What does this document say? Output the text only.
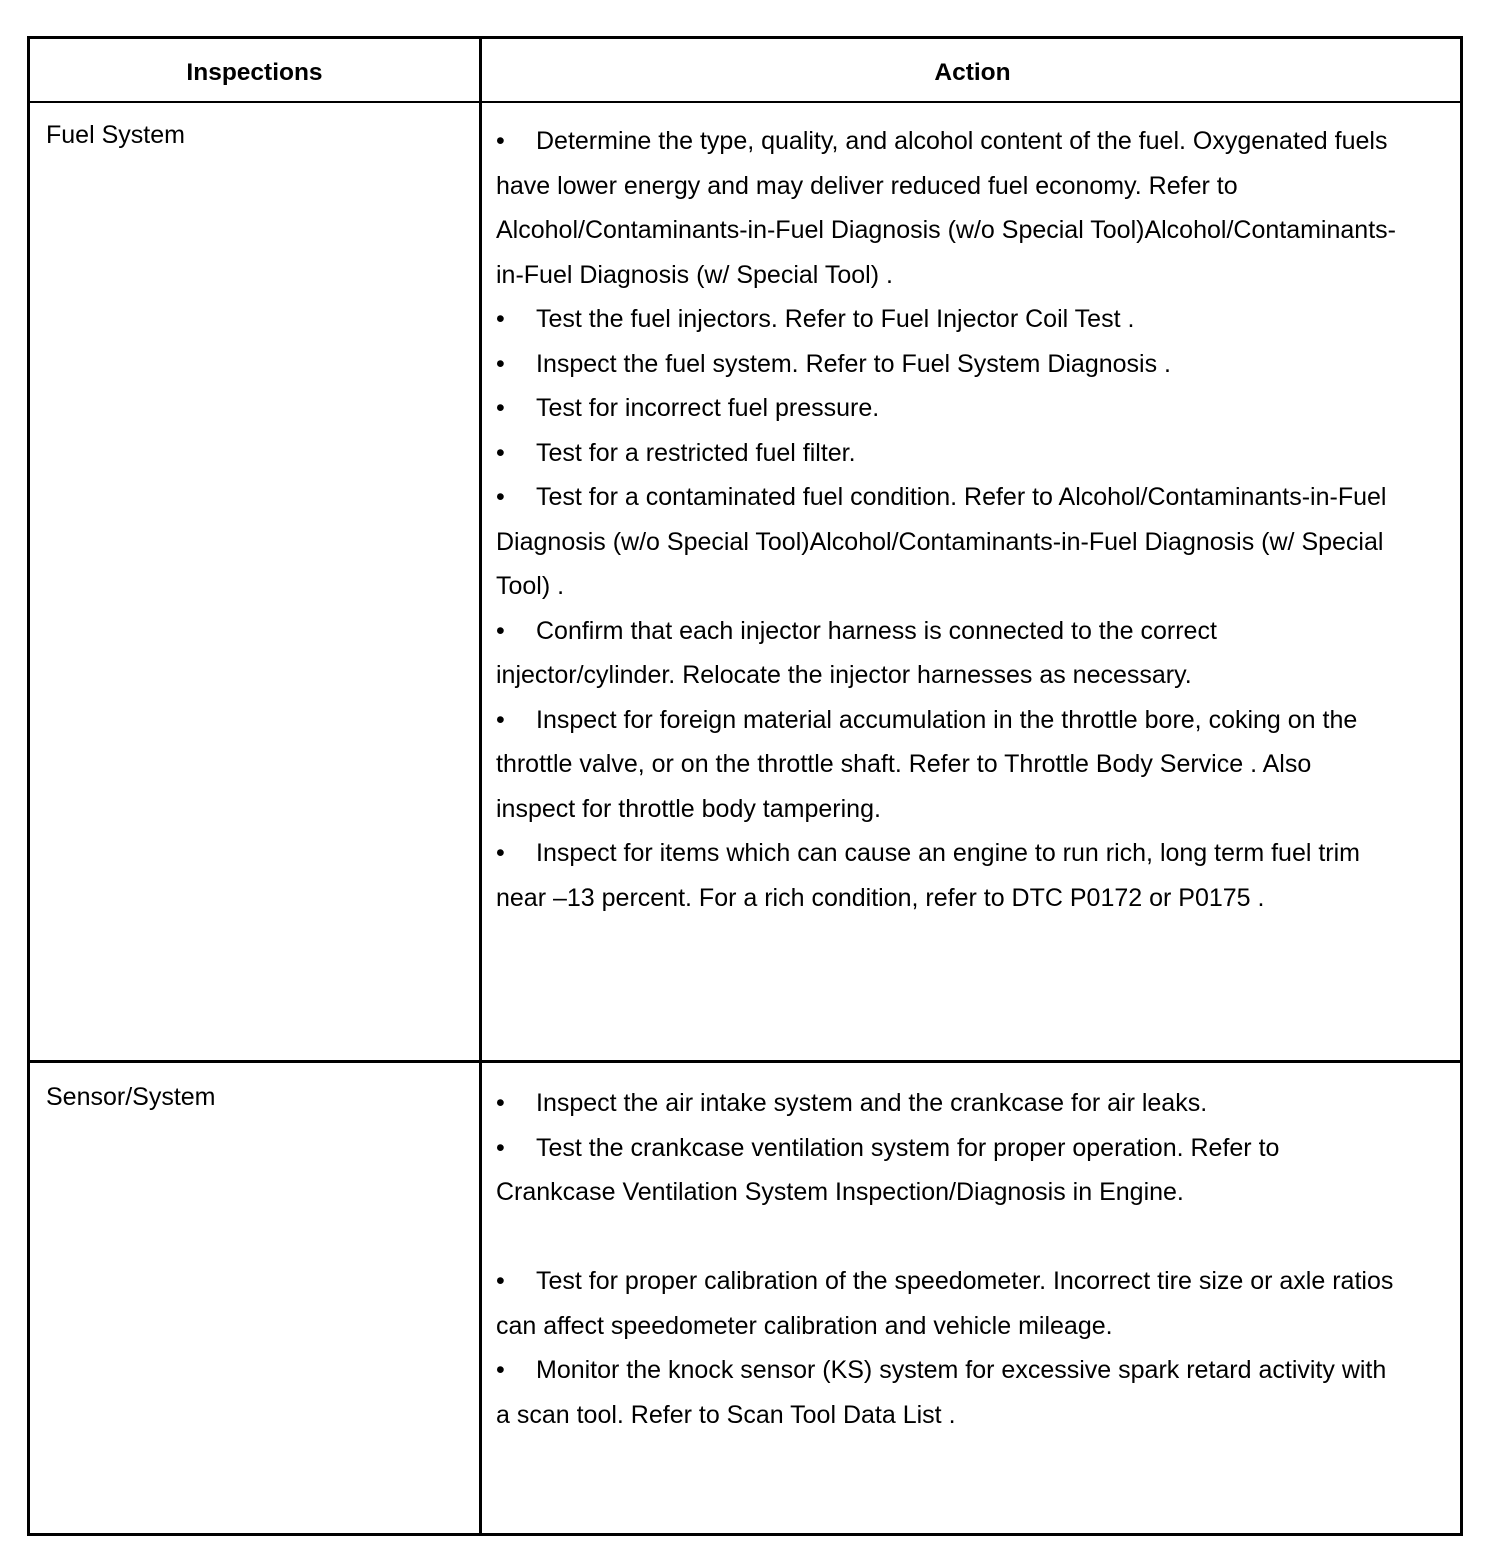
Inspections	Action
Fuel System	• Determine the type, quality, and alcohol content of the fuel. Oxygenated fuels have lower energy and may deliver reduced fuel economy. Refer to Alcohol/Contaminants-in-Fuel Diagnosis (w/o Special Tool)Alcohol/Contaminants-in-Fuel Diagnosis (w/ Special Tool) .

• Test the fuel injectors. Refer to Fuel Injector Coil Test .

• Inspect the fuel system. Refer to Fuel System Diagnosis .

• Test for incorrect fuel pressure.

• Test for a restricted fuel filter.

• Test for a contaminated fuel condition. Refer to Alcohol/Contaminants-in-Fuel Diagnosis (w/o Special Tool)Alcohol/Contaminants-in-Fuel Diagnosis (w/ Special Tool) .

• Confirm that each injector harness is connected to the correct injector/cylinder. Relocate the injector harnesses as necessary.

• Inspect for foreign material accumulation in the throttle bore, coking on the throttle valve, or on the throttle shaft. Refer to Throttle Body Service . Also inspect for throttle body tampering.

• Inspect for items which can cause an engine to run rich, long term fuel trim near –13 percent. For a rich condition, refer to DTC P0172 or P0175 .

Sensor/System	• Inspect the air intake system and the crankcase for air leaks.

• Test the crankcase ventilation system for proper operation. Refer to Crankcase Ventilation System Inspection/Diagnosis in Engine.

• Test for proper calibration of the speedometer. Incorrect tire size or axle ratios can affect speedometer calibration and vehicle mileage.

• Monitor the knock sensor (KS) system for excessive spark retard activity with a scan tool. Refer to Scan Tool Data List .
